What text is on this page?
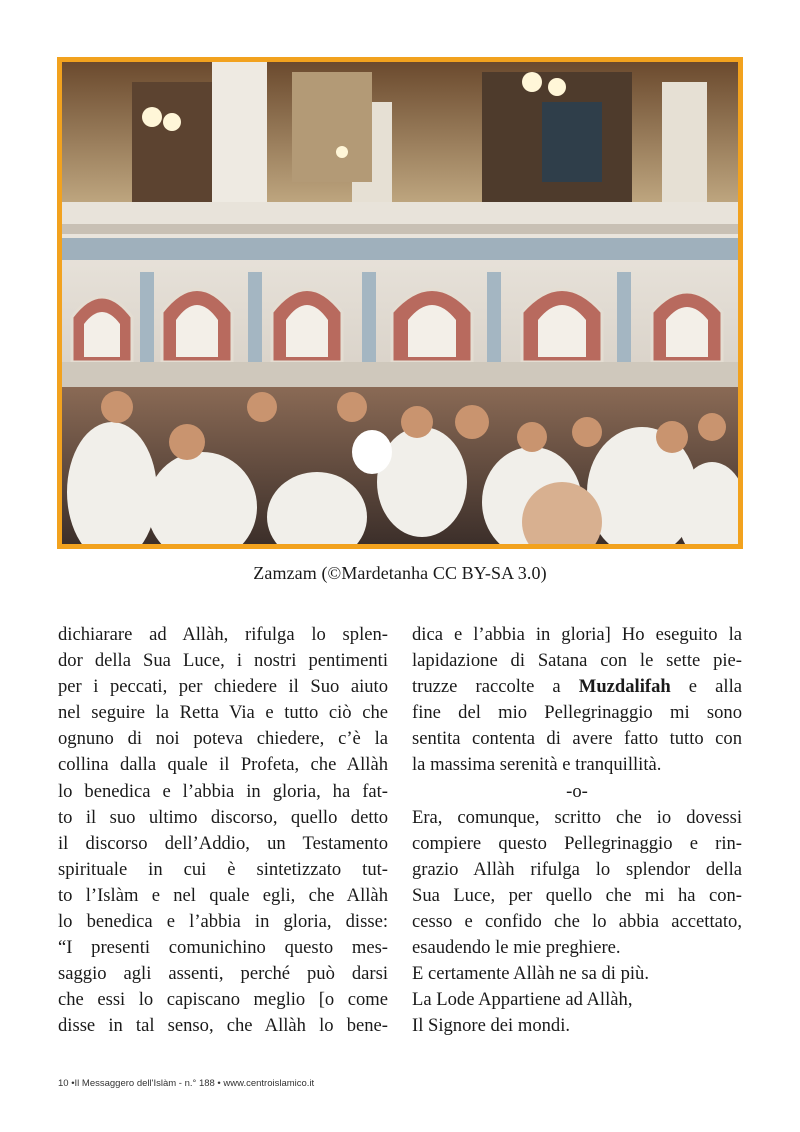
Zamzam (©Mardetanha CC BY-SA 3.0)
dichiarare ad Allàh, rifulga lo splen-
dor della Sua Luce, i nostri pentimenti
per i peccati, per chiedere il Suo aiuto
nel seguire la Retta Via e tutto ciò che
ognuno di noi poteva chiedere, c’è la
collina dalla quale il Profeta, che Allàh
lo benedica e l’abbia in gloria, ha fat-
to il suo ultimo discorso, quello detto
il discorso dell’Addio, un Testamento
spirituale in cui è sintetizzato tut-
to l’Islàm e nel quale egli, che Allàh
lo benedica e l’abbia in gloria, disse:
“I presenti comunichino questo mes-
saggio agli assenti, perché può darsi
che essi lo capiscano meglio [o come
disse in tal senso, che Allàh lo bene-
dica e l’abbia in gloria] Ho eseguito la
lapidazione di Satana con le sette pie-
truzze raccolte a Muzdalifah e alla
fine del mio Pellegrinaggio mi sono
sentita contenta di avere fatto tutto con
la massima serenità e tranquillità.
-o-
Era, comunque, scritto che io dovessi
compiere questo Pellegrinaggio e rin-
grazio Allàh rifulga lo splendor della
Sua Luce, per quello che mi ha con-
cesso e confido che lo abbia accettato,
esaudendo le mie preghiere.
E certamente Allàh ne sa di più.
La Lode Appartiene ad Allàh,
Il Signore dei mondi.
10 •Il Messaggero dell'Islàm - n.° 188 • www.centroislamico.it
